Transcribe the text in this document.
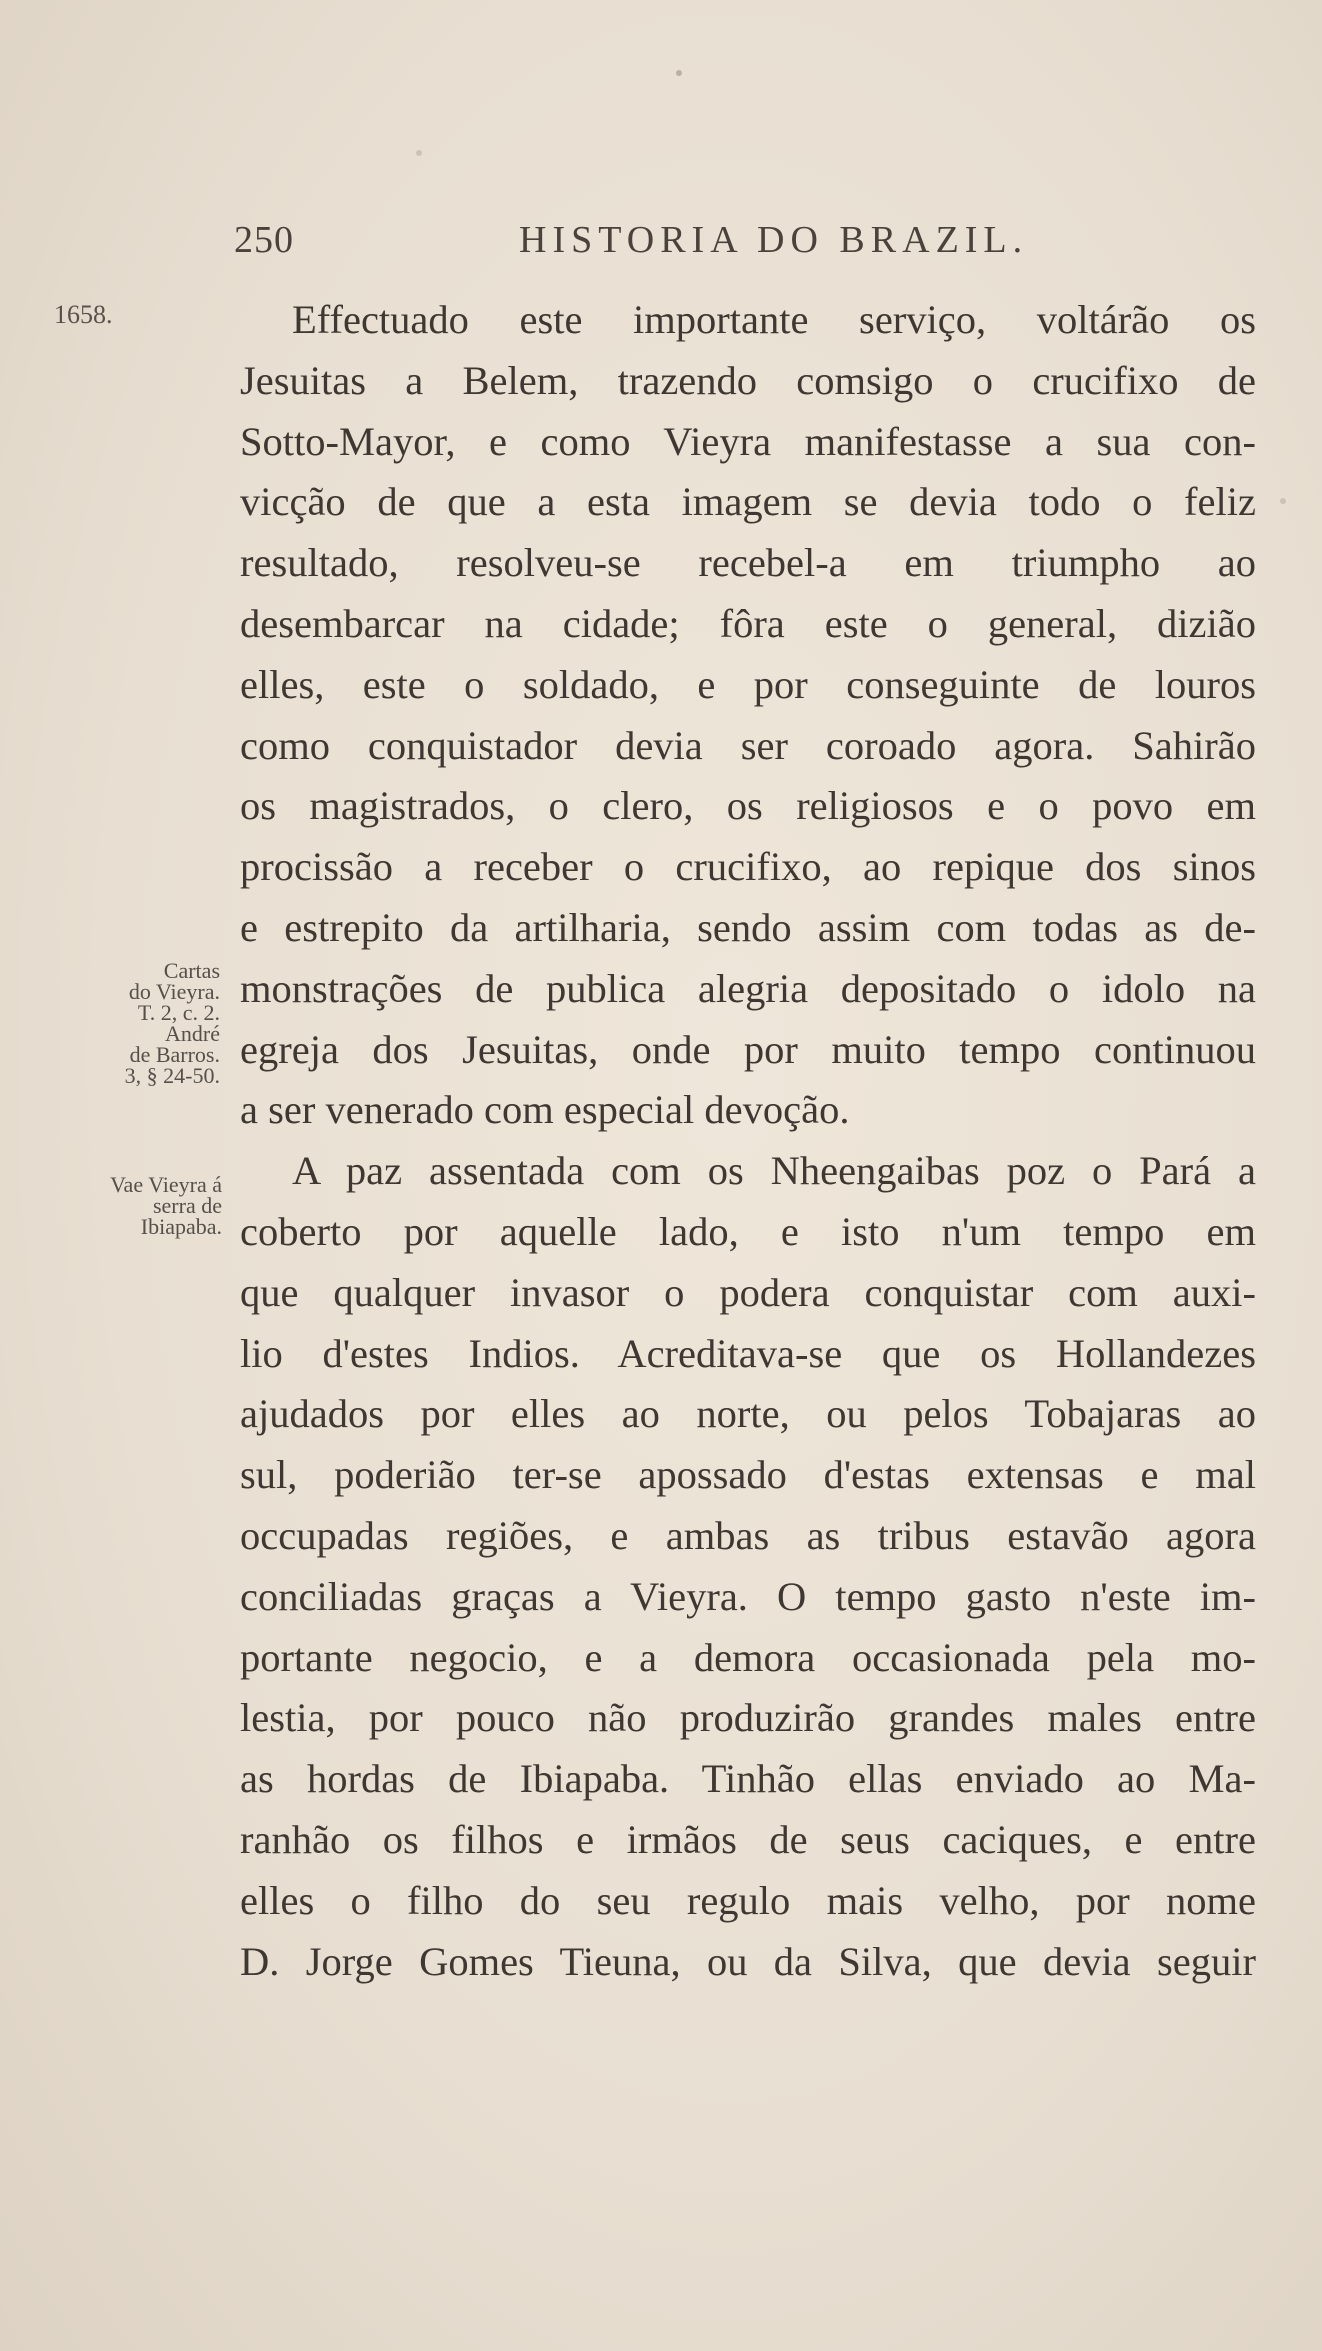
250	HISTORIA DO BRAZIL.
1658.
Cartas
do Vieyra.
T. 2, c. 2.
André
de Barros.
3, § 24-50.
Vae Vieyra á
serra de
Ibiapaba.
Effectuado este importante serviço, voltárão os
Jesuitas a Belem, trazendo comsigo o crucifixo de
Sotto-Mayor, e como Vieyra manifestasse a sua con-
vicção de que a esta imagem se devia todo o feliz
resultado, resolveu-se recebel-a em triumpho ao
desembarcar na cidade; fôra este o general, dizião
elles, este o soldado, e por conseguinte de louros
como conquistador devia ser coroado agora. Sahirão
os magistrados, o clero, os religiosos e o povo em
procissão a receber o crucifixo, ao repique dos sinos
e estrepito da artilharia, sendo assim com todas as de-
monstrações de publica alegria depositado o idolo na
egreja dos Jesuitas, onde por muito tempo continuou
a ser venerado com especial devoção.
A paz assentada com os Nheengaibas poz o Pará a
coberto por aquelle lado, e isto n'um tempo em
que qualquer invasor o podera conquistar com auxi-
lio d'estes Indios. Acreditava-se que os Hollandezes
ajudados por elles ao norte, ou pelos Tobajaras ao
sul, poderião ter-se apossado d'estas extensas e mal
occupadas regiões, e ambas as tribus estavão agora
conciliadas graças a Vieyra. O tempo gasto n'este im-
portante negocio, e a demora occasionada pela mo-
lestia, por pouco não produzirão grandes males entre
as hordas de Ibiapaba. Tinhão ellas enviado ao Ma-
ranhão os filhos e irmãos de seus caciques, e entre
elles o filho do seu regulo mais velho, por nome
D. Jorge Gomes Tieuna, ou da Silva, que devia seguir
